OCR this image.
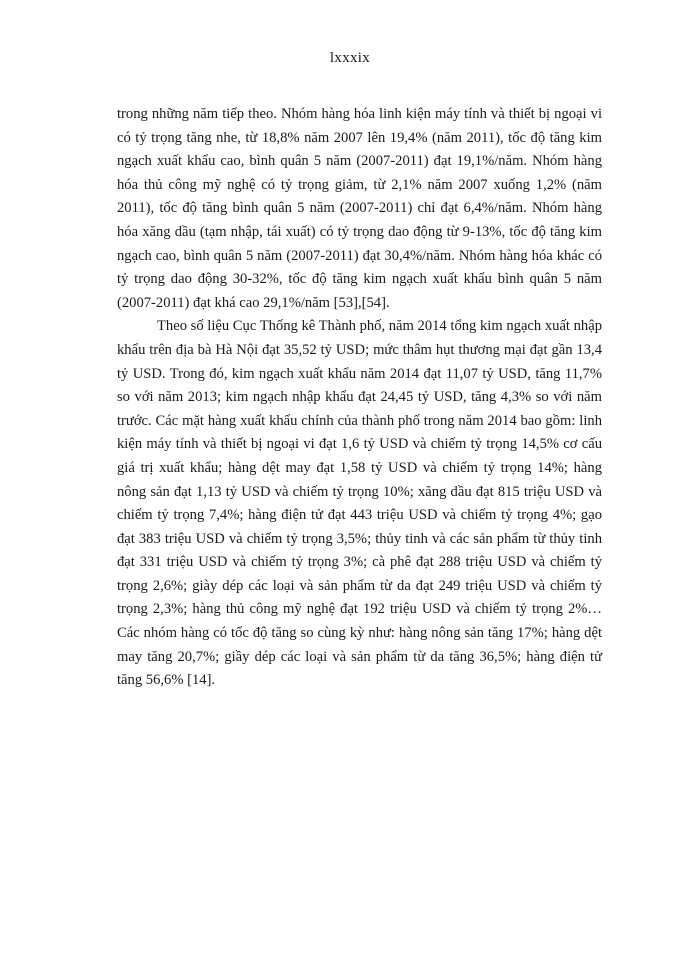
lxxxix

trong những năm tiếp theo. Nhóm hàng hóa linh kiện máy tính và thiết bị ngoại vi có tỷ trọng tăng nhe, từ 18,8% năm 2007 lên 19,4% (năm 2011), tốc độ tăng kim ngạch xuất khẩu cao, bình quân 5 năm (2007-2011) đạt 19,1%/năm. Nhóm hàng hóa thủ công mỹ nghệ có tỷ trọng giảm, từ 2,1% năm 2007 xuống 1,2% (năm 2011), tốc độ tăng bình quân 5 năm (2007-2011) chỉ đạt 6,4%/năm. Nhóm hàng hóa xăng dầu (tạm nhập, tái xuất) có tỷ trọng dao động từ 9-13%, tốc độ tăng kim ngạch cao, bình quân 5 năm (2007-2011) đạt 30,4%/năm. Nhóm hàng hóa khác có tỷ trọng dao động 30-32%, tốc độ tăng kim ngạch xuất khẩu bình quân 5 năm (2007-2011) đạt khá cao 29,1%/năm [53],[54].

Theo số liệu Cục Thống kê Thành phố, năm 2014 tổng kim ngạch xuất nhập khẩu trên địa bà Hà Nội đạt 35,52 tỷ USD; mức thâm hụt thương mại đạt gần 13,4 tỷ USD. Trong đó, kim ngạch xuất khẩu năm 2014 đạt 11,07 tỷ USD, tăng 11,7% so với năm 2013; kim ngạch nhập khẩu đạt 24,45 tỷ USD, tăng 4,3% so với năm trước. Các mặt hàng xuất khẩu chính của thành phố trong năm 2014 bao gồm: linh kiện máy tính và thiết bị ngoại vi đạt 1,6 tỷ USD và chiếm tỷ trọng 14,5% cơ cấu giá trị xuất khẩu; hàng dệt may đạt 1,58 tỷ USD và chiếm tỷ trọng 14%; hàng nông sản đạt 1,13 tỷ USD và chiếm tỷ trọng 10%; xăng dầu đạt 815 triệu USD và chiếm tỷ trọng 7,4%; hàng điện tử đạt 443 triệu USD và chiếm tỷ trọng 4%; gạo đạt 383 triệu USD và chiếm tỷ trọng 3,5%; thủy tinh và các sản phẩm từ thủy tinh đạt 331 triệu USD và chiếm tỷ trọng 3%; cà phê đạt 288 triệu USD và chiếm tỷ trọng 2,6%; giày dép các loại và sản phẩm từ da đạt 249 triệu USD và chiếm tỷ trọng 2,3%; hàng thủ công mỹ nghệ đạt 192 triệu USD và chiếm tỷ trọng 2%… Các nhóm hàng có tốc độ tăng so cùng kỳ như: hàng nông sản tăng 17%; hàng dệt may tăng 20,7%; giầy dép các loại và sản phẩm từ da tăng 36,5%; hàng điện tử tăng 56,6% [14].
